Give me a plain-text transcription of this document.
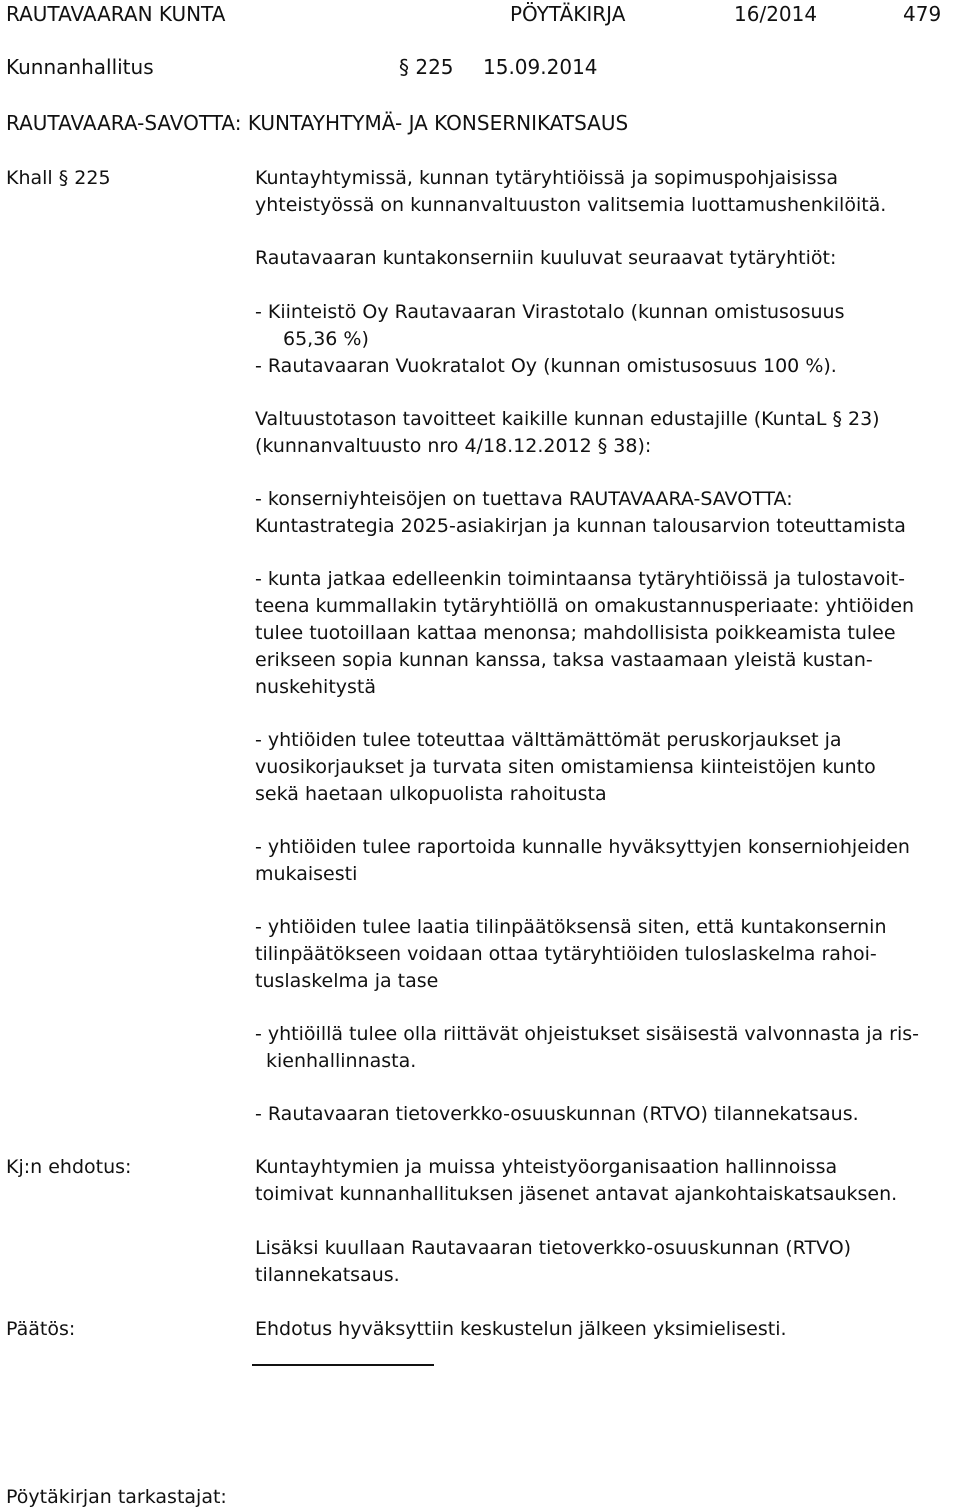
RAUTAVAARAN KUNTA	PÖYTÄKIRJA	16/2014	479
Kunnanhallitus	§ 225 15.09.2014
RAUTAVAARA-SAVOTTA: KUNTAYHTYMÄ- JA KONSERNIKATSAUS
Khall § 225	Kuntayhtymissä, kunnan tytäryhtiöissä ja sopimuspohjaisissa
yhteistyössä on kunnanvaltuuston valitsemia luottamushenkilöitä.

Rautavaaran kuntakonserniin kuuluvat seuraavat tytäryhtiöt:

- Kiinteistö Oy Rautavaaran Virastotalo (kunnan omistusosuus

65,36 %)

- Rautavaaran Vuokratalot Oy (kunnan omistusosuus 100 %).

Valtuustotason tavoitteet kaikille kunnan edustajille (KuntaL § 23)
(kunnanvaltuusto nro 4/18.12.2012 § 38):

- konserniyhteisöjen on tuettava RAUTAVAARA-SAVOTTA:
Kuntastrategia 2025-asiakirjan ja kunnan talousarvion toteuttamista

- kunta jatkaa edelleenkin toimintaansa tytäryhtiöissä ja tulostavoit-
teena kummallakin tytäryhtiöllä on omakustannusperiaate: yhtiöiden
tulee tuotoillaan kattaa menonsa; mahdollisista poikkeamista tulee
erikseen sopia kunnan kanssa, taksa vastaamaan yleistä kustan-
nuskehitystä

- yhtiöiden tulee toteuttaa välttämättömät peruskorjaukset ja
vuosikorjaukset ja turvata siten omistamiensa kiinteistöjen kunto
sekä haetaan ulkopuolista rahoitusta

- yhtiöiden tulee raportoida kunnalle hyväksyttyjen konserniohjeiden
mukaisesti

- yhtiöiden tulee laatia tilinpäätöksensä siten, että kuntakonsernin
tilinpäätökseen voidaan ottaa tytäryhtiöiden tuloslaskelma rahoi-
tuslaskelma ja tase

- yhtiöillä tulee olla riittävät ohjeistukset sisäisestä valvonnasta ja ris-

kienhallinnasta.

- Rautavaaran tietoverkko-osuuskunnan (RTVO) tilannekatsaus.

Kj:n ehdotus:	Kuntayhtymien ja muissa yhteistyöorganisaation hallinnoissa
toimivat kunnanhallituksen jäsenet antavat ajankohtaiskatsauksen.

Lisäksi kuullaan Rautavaaran tietoverkko-osuuskunnan (RTVO)
tilannekatsaus.

Päätös:	Ehdotus hyväksyttiin keskustelun jälkeen yksimielisesti.

Pöytäkirjan tarkastajat:
